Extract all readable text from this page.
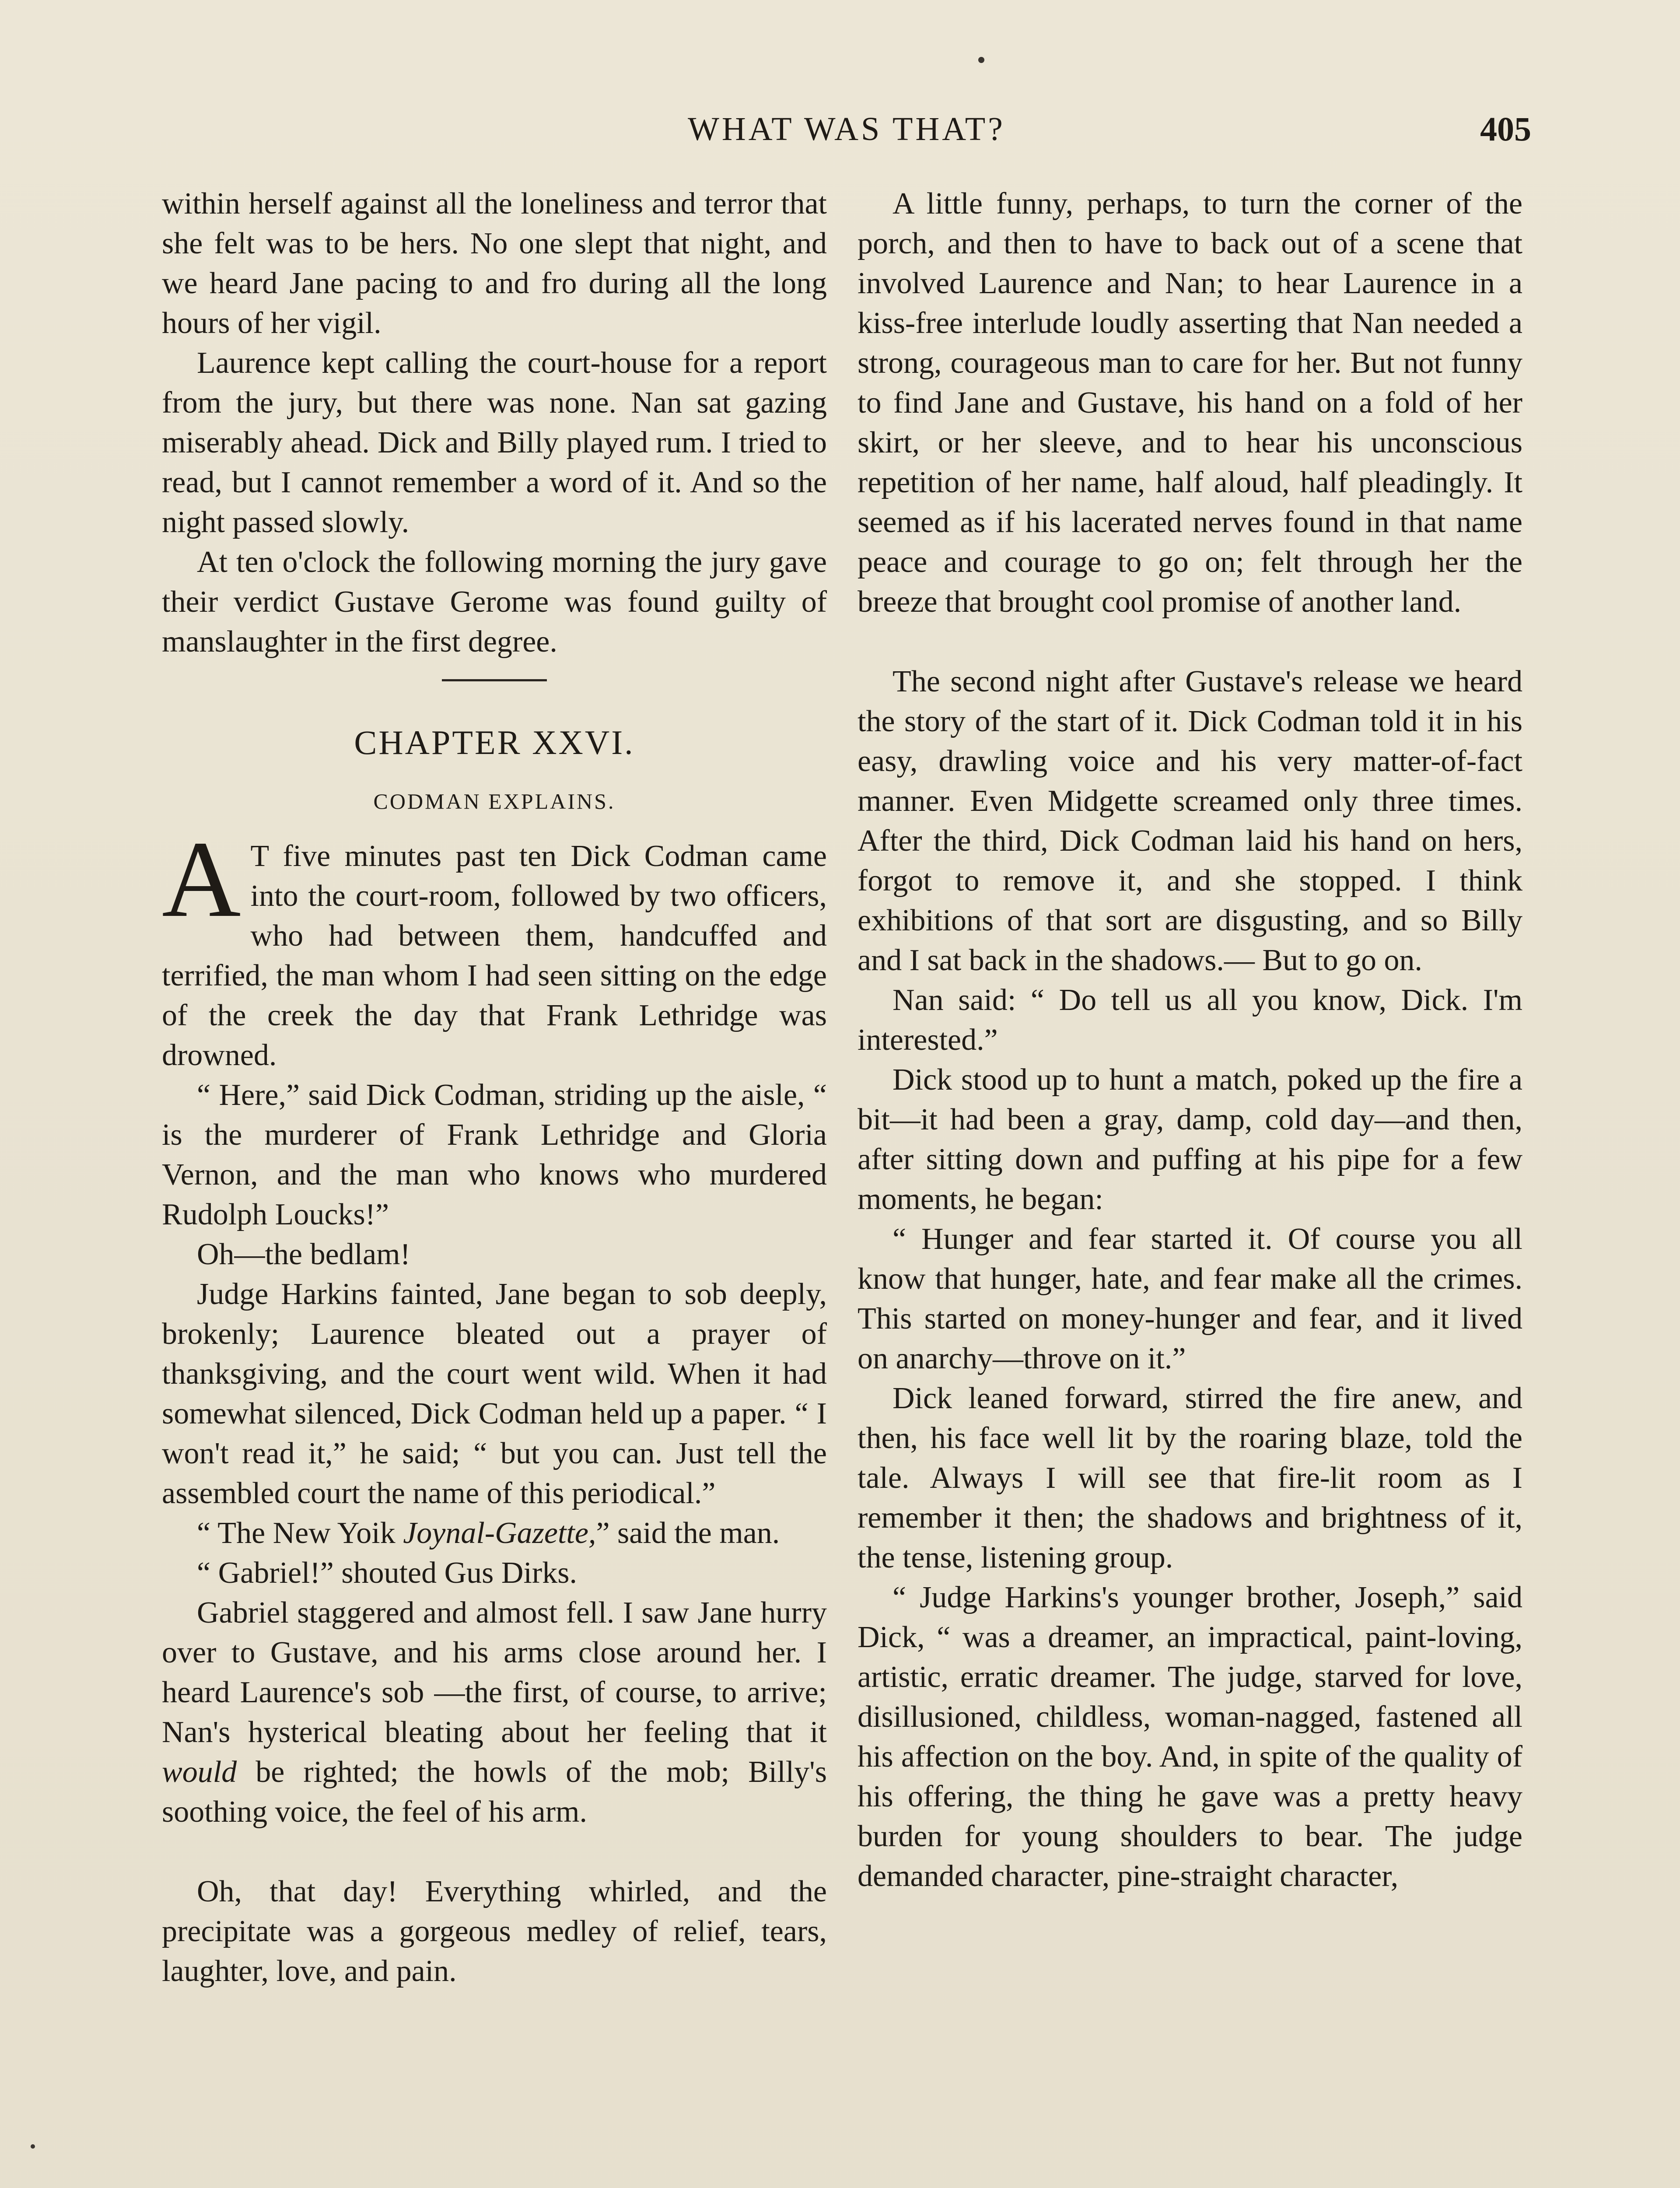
WHAT WAS THAT?	405

within herself against all the loneliness and terror that she felt was to be hers. No one slept that night, and we heard Jane pacing to and fro during all the long hours of her vigil.

Laurence kept calling the court-house for a report from the jury, but there was none. Nan sat gazing miserably ahead. Dick and Billy played rum. I tried to read, but I cannot remember a word of it. And so the night passed slowly.

At ten o'clock the following morning the jury gave their verdict Gustave Gerome was found guilty of manslaughter in the first degree.

CHAPTER XXVI.
CODMAN EXPLAINS.

A T five minutes past ten Dick Codman came into the court-room, followed by two officers, who had between them, handcuffed and terrified, the man whom I had seen sitting on the edge of the creek the day that Frank Lethridge was drowned.

“ Here,” said Dick Codman, striding up the aisle, “ is the murderer of Frank Lethridge and Gloria Vernon, and the man who knows who murdered Rudolph Loucks!”

Oh—the bedlam!

Judge Harkins fainted, Jane began to sob deeply, brokenly; Laurence bleated out a prayer of thanksgiving, and the court went wild. When it had somewhat silenced, Dick Codman held up a paper. “ I won't read it,” he said; “ but you can. Just tell the assembled court the name of this periodical.”

“ The New Yoik Joynal-Gazette,” said the man.

“ Gabriel!” shouted Gus Dirks.

Gabriel staggered and almost fell. I saw Jane hurry over to Gustave, and his arms close around her. I heard Laurence's sob —the first, of course, to arrive; Nan's hysterical bleating about her feeling that it would be righted; the howls of the mob; Billy's soothing voice, the feel of his arm.

Oh, that day! Everything whirled, and the precipitate was a gorgeous medley of relief, tears, laughter, love, and pain.

A little funny, perhaps, to turn the corner of the porch, and then to have to back out of a scene that involved Laurence and Nan; to hear Laurence in a kiss-free interlude loudly asserting that Nan needed a strong, courageous man to care for her. But not funny to find Jane and Gustave, his hand on a fold of her skirt, or her sleeve, and to hear his unconscious repetition of her name, half aloud, half pleadingly. It seemed as if his lacerated nerves found in that name peace and courage to go on; felt through her the breeze that brought cool promise of another land.

The second night after Gustave's release we heard the story of the start of it. Dick Codman told it in his easy, drawling voice and his very matter-of-fact manner. Even Midgette screamed only three times. After the third, Dick Codman laid his hand on hers, forgot to remove it, and she stopped. I think exhibitions of that sort are disgusting, and so Billy and I sat back in the shadows.— But to go on.

Nan said: “ Do tell us all you know, Dick. I'm interested.”

Dick stood up to hunt a match, poked up the fire a bit—it had been a gray, damp, cold day—and then, after sitting down and puffing at his pipe for a few moments, he began:

“ Hunger and fear started it. Of course you all know that hunger, hate, and fear make all the crimes. This started on money-hunger and fear, and it lived on anarchy—throve on it.”

Dick leaned forward, stirred the fire anew, and then, his face well lit by the roaring blaze, told the tale. Always I will see that fire-lit room as I remember it then; the shadows and brightness of it, the tense, listening group.

“ Judge Harkins's younger brother, Joseph,” said Dick, “ was a dreamer, an impractical, paint-loving, artistic, erratic dreamer. The judge, starved for love, disillusioned, childless, woman-nagged, fastened all his affection on the boy. And, in spite of the quality of his offering, the thing he gave was a pretty heavy burden for young shoulders to bear. The judge demanded character, pine-straight character,
